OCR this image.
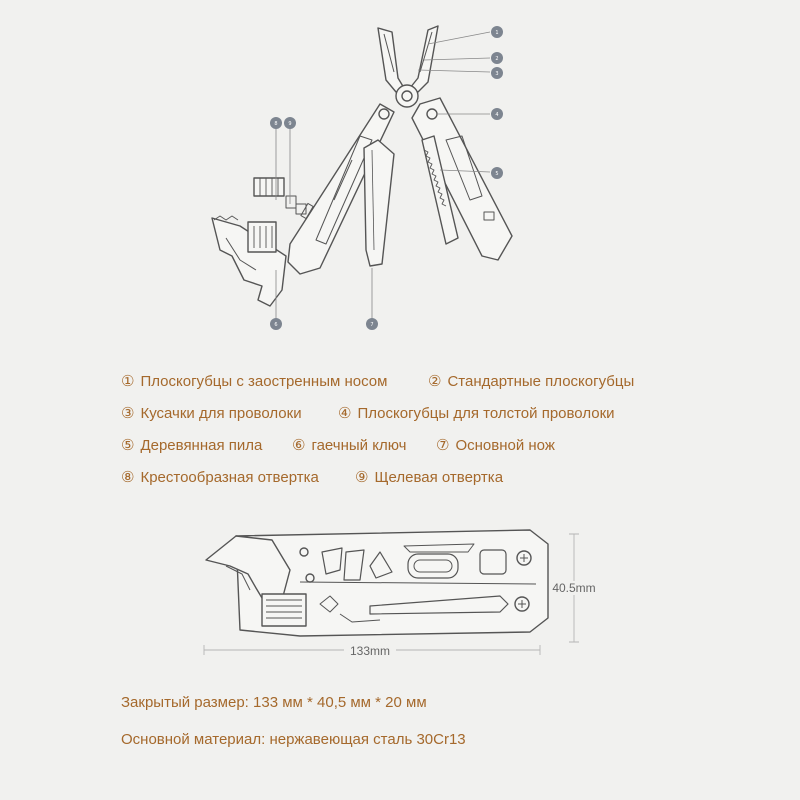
1
2
3
4
5
6	7
8 9
133mm
40.5mm
① Плоскогубцы с заостренным носом	② Стандартные плоскогубцы
③ Кусачки для проволоки ④ Плоскогубцы для толстой проволоки
⑤ Деревянная пила ⑥ гаечный ключ ⑦ Основной нож
⑧ Крестообразная отвертка ⑨ Щелевая отвертка
Закрытый размер: 133 мм * 40,5 мм * 20 мм
Основной материал: нержавеющая сталь 30Cr13
